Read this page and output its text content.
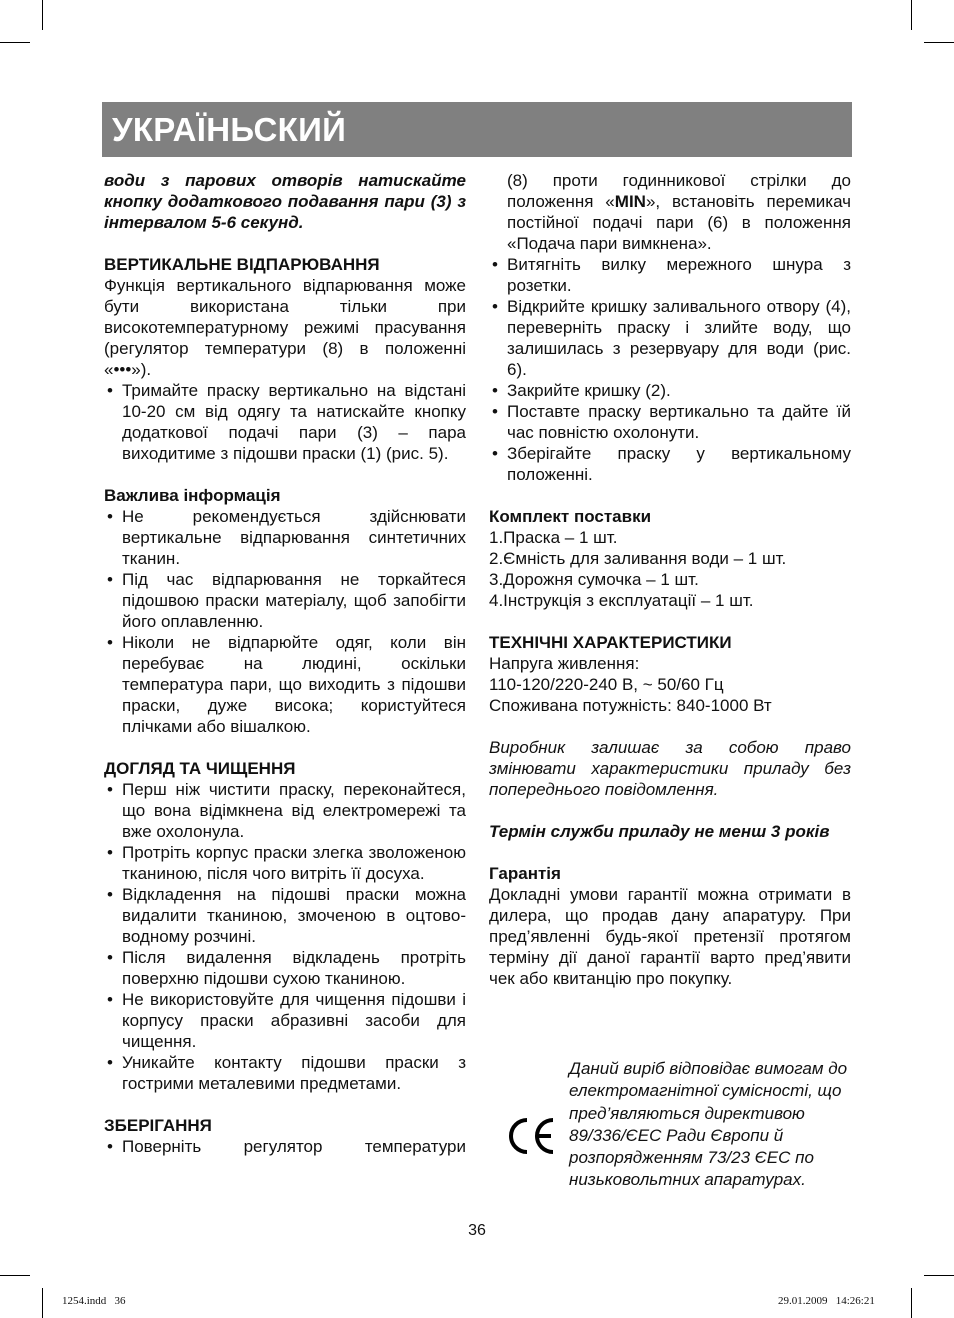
УКРАЇНЬСКИЙ

води з парових отворів натискайте кнопку додаткового подавання пари (3) з інтервалом 5-6 секунд.

ВЕРТИКАЛЬНЕ ВІДПАРЮВАННЯ

Функція вертикального відпарювання може бути використана тільки при високотемпературному режимі прасування (регулятор температури (8) в положенні «•••»).

• Тримайте праску вертикально на відстані 10-20 см від одягу та натискайте кнопку додаткової подачі пари (3) – пара виходитиме з підошви праски (1) (рис. 5).

Важлива інформація

• Не рекомендується здійснювати вертикальне відпарювання синтетичних тканин.
• Під час відпарювання не торкайтеся підошвою праски матеріалу, щоб запобігти його оплавленню.
• Ніколи не відпарюйте одяг, коли він перебуває на людині, оскільки температура пари, що виходить з підошви праски, дуже висока; користуйтеся плічками або вішалкою.

ДОГЛЯД ТА ЧИЩЕННЯ

• Перш ніж чистити праску, переконайтеся, що вона відімкнена від електромережі та вже охолонула.
• Протріть корпус праски злегка зволоженою тканиною, після чого витріть її досуха.
• Відкладення на підошві праски можна видалити тканиною, змоченою в оцтово-водному розчині.
• Після видалення відкладень протріть поверхню підошви сухою тканиною.
• Не використовуйте для чищення підошви і корпусу праски абразивні засоби для чищення.
• Уникайте контакту підошви праски з гострими металевими предметами.

ЗБЕРІГАННЯ

• Поверніть регулятор температури

(8) проти годинникової стрілки до положення «MIN», встановіть перемикач постійної подачі пари (6) в положення «Подача пари вимкнена».

• Витягніть вилку мережного шнура з розетки.
• Відкрийте кришку заливального отвору (4), переверніть праску і злийте воду, що залишилась з резервуару для води (рис. 6).
• Закрийте кришку (2).
• Поставте праску вертикально та дайте їй час повністю охолонути.
• Зберігайте праску у вертикальному положенні.

Комплект поставки

1.Праска – 1 шт.
2.Ємність для заливання води – 1 шт.
3.Дорожня сумочка – 1 шт.
4.Інструкція з експлуатації – 1 шт.

ТЕХНІЧНІ ХАРАКТЕРИСТИКИ

Напруга живлення:
110-120/220-240 В, ~ 50/60 Гц
Споживана потужність: 840-1000 Вт

Виробник залишає за собою право змінювати характеристики приладу без попереднього повідомлення.

Термін служби приладу не менш 3 років

Гарантія

Докладні умови гарантії можна отримати в дилера, що продав дану апаратуру. При пред’явленні будь-якої претензії протягом терміну дії даної гарантії варто пред’явити чек або квитанцію про покупку.

Даний виріб відповідає вимогам до електромагнітної сумісності, що пред’являються директивою 89/336/ЄЕС Ради Європи й розпорядженням 73/23 ЄЕС по низьковольтних апаратурах.
36
1254.indd   36	29.01.2009   14:26:21
